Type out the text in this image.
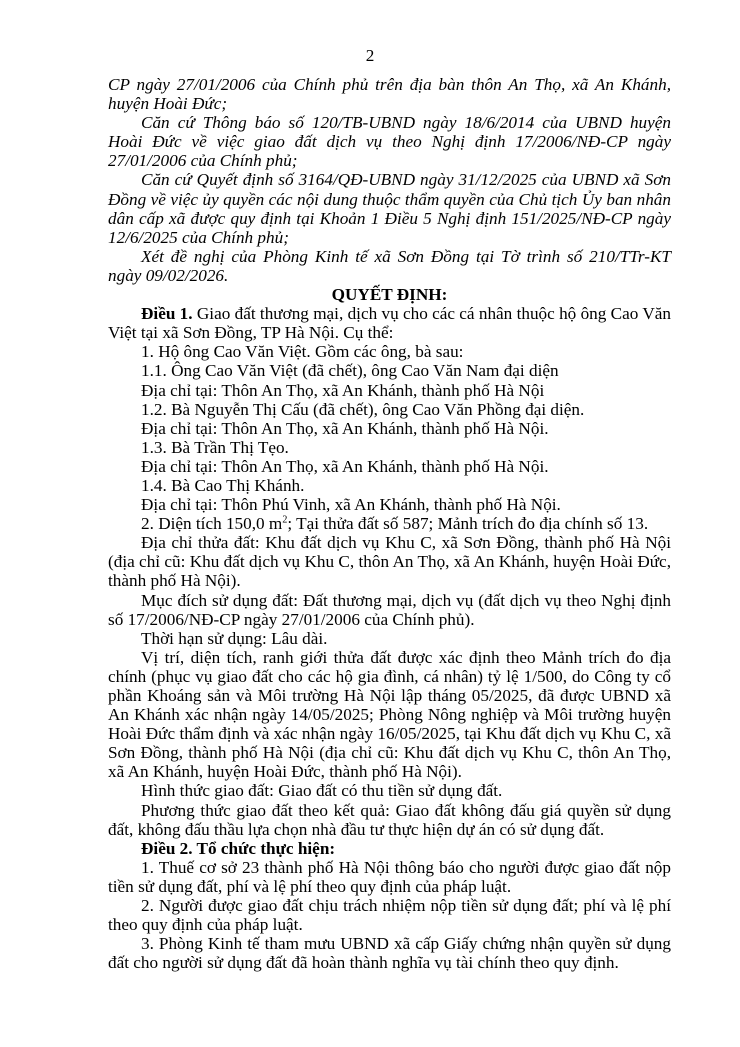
2

CP ngày 27/01/2006 của Chính phủ trên địa bàn thôn An Thọ, xã An Khánh, huyện Hoài Đức;

Căn cứ Thông báo số 120/TB-UBND ngày 18/6/2014 của UBND huyện Hoài Đức về việc giao đất dịch vụ theo Nghị định 17/2006/NĐ-CP ngày 27/01/2006 của Chính phủ;

Căn cứ Quyết định số 3164/QĐ-UBND ngày 31/12/2025 của UBND xã Sơn Đồng về việc ủy quyền các nội dung thuộc thẩm quyền của Chủ tịch Ủy ban nhân dân cấp xã được quy định tại Khoản 1 Điều 5 Nghị định 151/2025/NĐ-CP ngày 12/6/2025 của Chính phủ;

Xét đề nghị của Phòng Kinh tế xã Sơn Đồng tại Tờ trình số 210/TTr-KT ngày 09/02/2026.

QUYẾT ĐỊNH:

Điều 1. Giao đất thương mại, dịch vụ cho các cá nhân thuộc hộ ông Cao Văn Việt tại xã Sơn Đồng, TP Hà Nội. Cụ thể:

1. Hộ ông Cao Văn Việt. Gồm các ông, bà sau:

1.1. Ông Cao Văn Việt (đã chết), ông Cao Văn Nam đại diện

Địa chỉ tại: Thôn An Thọ, xã An Khánh, thành phố Hà Nội

1.2. Bà Nguyễn Thị Cấu (đã chết), ông Cao Văn Phồng đại diện.

Địa chỉ tại: Thôn An Thọ, xã An Khánh, thành phố Hà Nội.

1.3. Bà Trần Thị Tẹo.

Địa chỉ tại: Thôn An Thọ, xã An Khánh, thành phố Hà Nội.

1.4. Bà Cao Thị Khánh.

Địa chỉ tại: Thôn Phú Vinh, xã An Khánh, thành phố Hà Nội.

2. Diện tích 150,0 $m^2$; Tại thửa đất số 587; Mảnh trích đo địa chính số 13.

Địa chỉ thửa đất: Khu đất dịch vụ Khu C, xã Sơn Đồng, thành phố Hà Nội (địa chỉ cũ: Khu đất dịch vụ Khu C, thôn An Thọ, xã An Khánh, huyện Hoài Đức, thành phố Hà Nội).

Mục đích sử dụng đất: Đất thương mại, dịch vụ (đất dịch vụ theo Nghị định số 17/2006/NĐ-CP ngày 27/01/2006 của Chính phủ).

Thời hạn sử dụng: Lâu dài.

Vị trí, diện tích, ranh giới thửa đất được xác định theo Mảnh trích đo địa chính (phục vụ giao đất cho các hộ gia đình, cá nhân) tỷ lệ 1/500, do Công ty cổ phần Khoáng sản và Môi trường Hà Nội lập tháng 05/2025, đã được UBND xã An Khánh xác nhận ngày 14/05/2025; Phòng Nông nghiệp và Môi trường huyện Hoài Đức thẩm định và xác nhận ngày 16/05/2025, tại Khu đất dịch vụ Khu C, xã Sơn Đồng, thành phố Hà Nội (địa chỉ cũ: Khu đất dịch vụ Khu C, thôn An Thọ, xã An Khánh, huyện Hoài Đức, thành phố Hà Nội).

Hình thức giao đất: Giao đất có thu tiền sử dụng đất.

Phương thức giao đất theo kết quả: Giao đất không đấu giá quyền sử dụng đất, không đấu thầu lựa chọn nhà đầu tư thực hiện dự án có sử dụng đất.

Điều 2. Tổ chức thực hiện:

1. Thuế cơ sở 23 thành phố Hà Nội thông báo cho người được giao đất nộp tiền sử dụng đất, phí và lệ phí theo quy định của pháp luật.

2. Người được giao đất chịu trách nhiệm nộp tiền sử dụng đất; phí và lệ phí theo quy định của pháp luật.

3. Phòng Kinh tế tham mưu UBND xã cấp Giấy chứng nhận quyền sử dụng đất cho người sử dụng đất đã hoàn thành nghĩa vụ tài chính theo quy định.
